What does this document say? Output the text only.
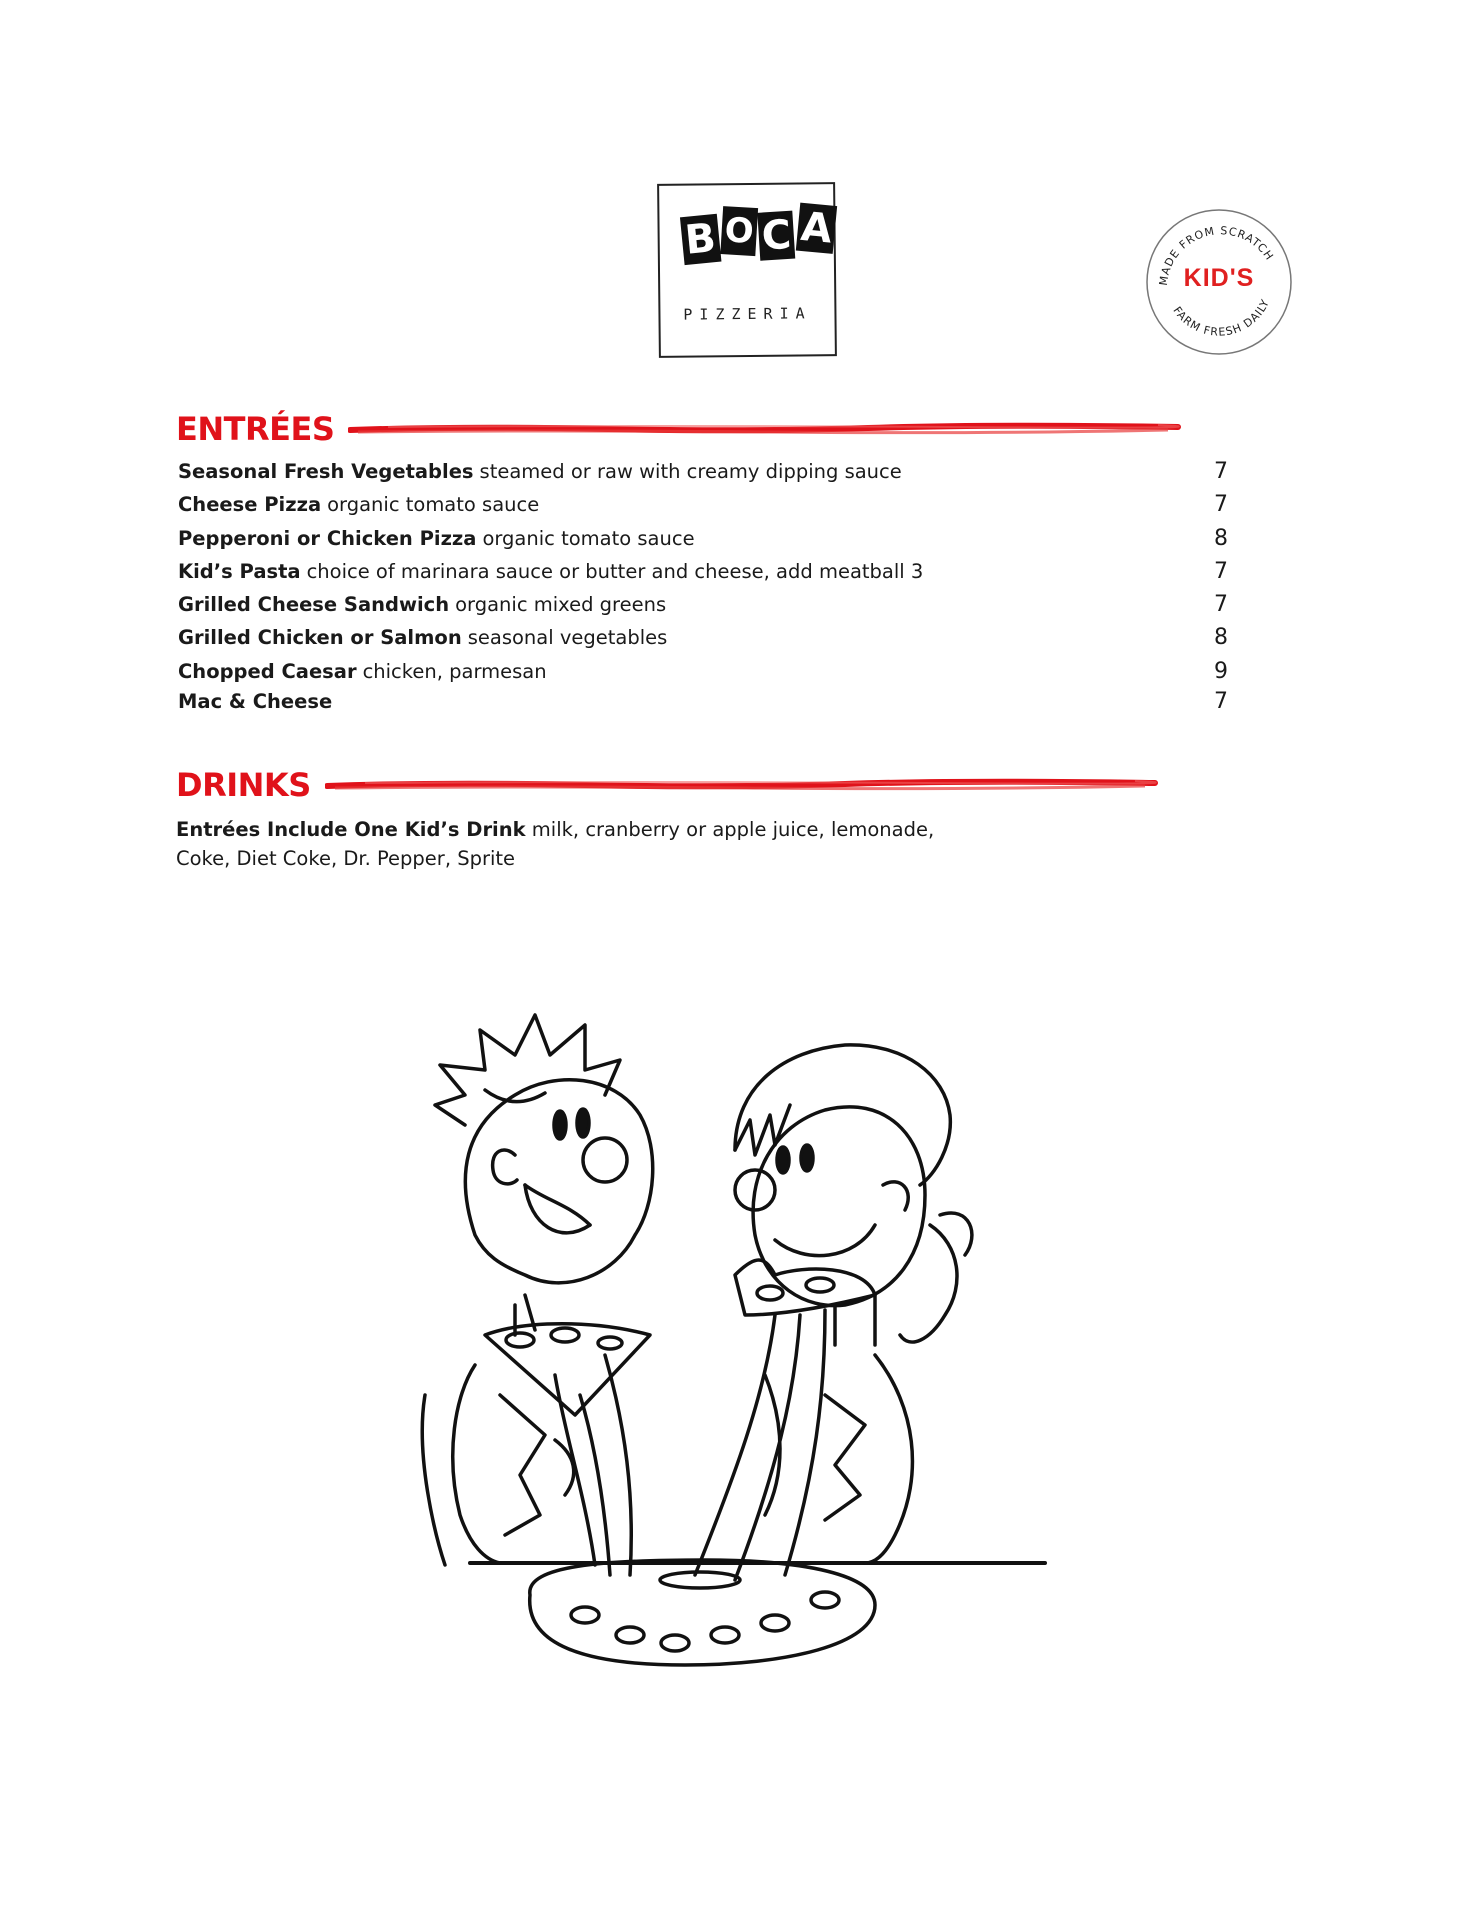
B O C A
PIZZERIA
MADE FROM SCRATCH
FARM FRESH DAILY
KID'S
ENTRÉES
Seasonal Fresh Vegetables steamed or raw with creamy dipping sauce	7
Cheese Pizza organic tomato sauce	7
Pepperoni or Chicken Pizza organic tomato sauce	8
Kid’s Pasta choice of marinara sauce or butter and cheese, add meatball 3	7
Grilled Cheese Sandwich organic mixed greens	7
Grilled Chicken or Salmon seasonal vegetables	8
Chopped Caesar chicken, parmesan	9
Mac & Cheese	7
DRINKS
Entrées Include One Kid’s Drink milk, cranberry or apple juice, lemonade,
Coke, Diet Coke, Dr. Pepper, Sprite
